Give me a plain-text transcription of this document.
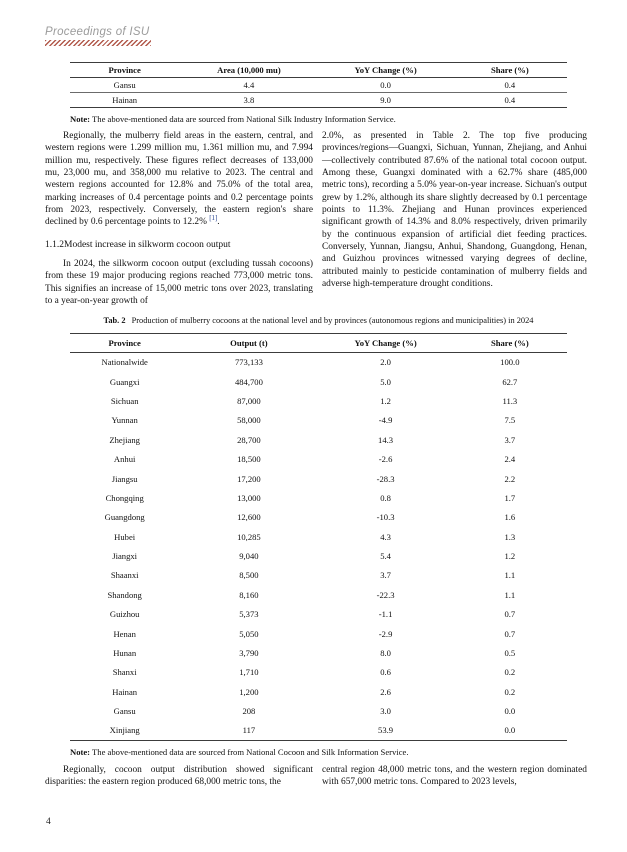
Proceedings of ISU
Province	Area (10,000 mu)	YoY Change (%)	Share (%)
Gansu	4.4	0.0	0.4
Hainan	3.8	9.0	0.4
Note: The above-mentioned data are sourced from National Silk Industry Information Service.

Regionally, the mulberry field areas in the eastern, central, and western regions were 1.299 million mu, 1.361 million mu, and 7.994 million mu, respectively. These figures reflect decreases of 133,000 mu, 23,000 mu, and 358,000 mu relative to 2023. The central and western regions accounted for 12.8% and 75.0% of the total area, marking increases of 0.4 percentage points and 0.2 percentage points from 2023, respectively. Conversely, the eastern region's share declined by 0.6 percentage points to 12.2% [1].

1.1.2Modest increase in silkworm cocoon output

In 2024, the silkworm cocoon output (excluding tussah cocoons) from these 19 major producing regions reached 773,000 metric tons. This signifies an increase of 15,000 metric tons over 2023, translating to a year-on-year growth of

2.0%, as presented in Table 2. The top five producing provinces/regions—Guangxi, Sichuan, Yunnan, Zhejiang, and Anhui—collectively contributed 87.6% of the national total cocoon output. Among these, Guangxi dominated with a 62.7% share (485,000 metric tons), recording a 5.0% year-on-year increase. Sichuan's output grew by 1.2%, although its share slightly decreased by 0.1 percentage points to 11.3%. Zhejiang and Hunan provinces experienced significant growth of 14.3% and 8.0% respectively, driven primarily by the continuous expansion of artificial diet feeding practices. Conversely, Yunnan, Jiangsu, Anhui, Shandong, Guangdong, Henan, and Guizhou provinces witnessed varying degrees of decline, attributed mainly to pesticide contamination of mulberry fields and adverse high-temperature drought conditions.

Tab. 2 Production of mulberry cocoons at the national level and by provinces (autonomous regions and municipalities) in 2024
Province	Output (t)	YoY Change (%)	Share (%)
Nationalwide	773,133	2.0	100.0
Guangxi	484,700	5.0	62.7
Sichuan	87,000	1.2	11.3
Yunnan	58,000	-4.9	7.5
Zhejiang	28,700	14.3	3.7
Anhui	18,500	-2.6	2.4
Jiangsu	17,200	-28.3	2.2
Chongqing	13,000	0.8	1.7
Guangdong	12,600	-10.3	1.6
Hubei	10,285	4.3	1.3
Jiangxi	9,040	5.4	1.2
Shaanxi	8,500	3.7	1.1
Shandong	8,160	-22.3	1.1
Guizhou	5,373	-1.1	0.7
Henan	5,050	-2.9	0.7
Hunan	3,790	8.0	0.5
Shanxi	1,710	0.6	0.2
Hainan	1,200	2.6	0.2
Gansu	208	3.0	0.0
Xinjiang	117	53.9	0.0
Note: The above-mentioned data are sourced from National Cocoon and Silk Information Service.

Regionally, cocoon output distribution showed significant disparities: the eastern region produced 68,000 metric tons, the

central region 48,000 metric tons, and the western region dominated with 657,000 metric tons. Compared to 2023 levels,

4
